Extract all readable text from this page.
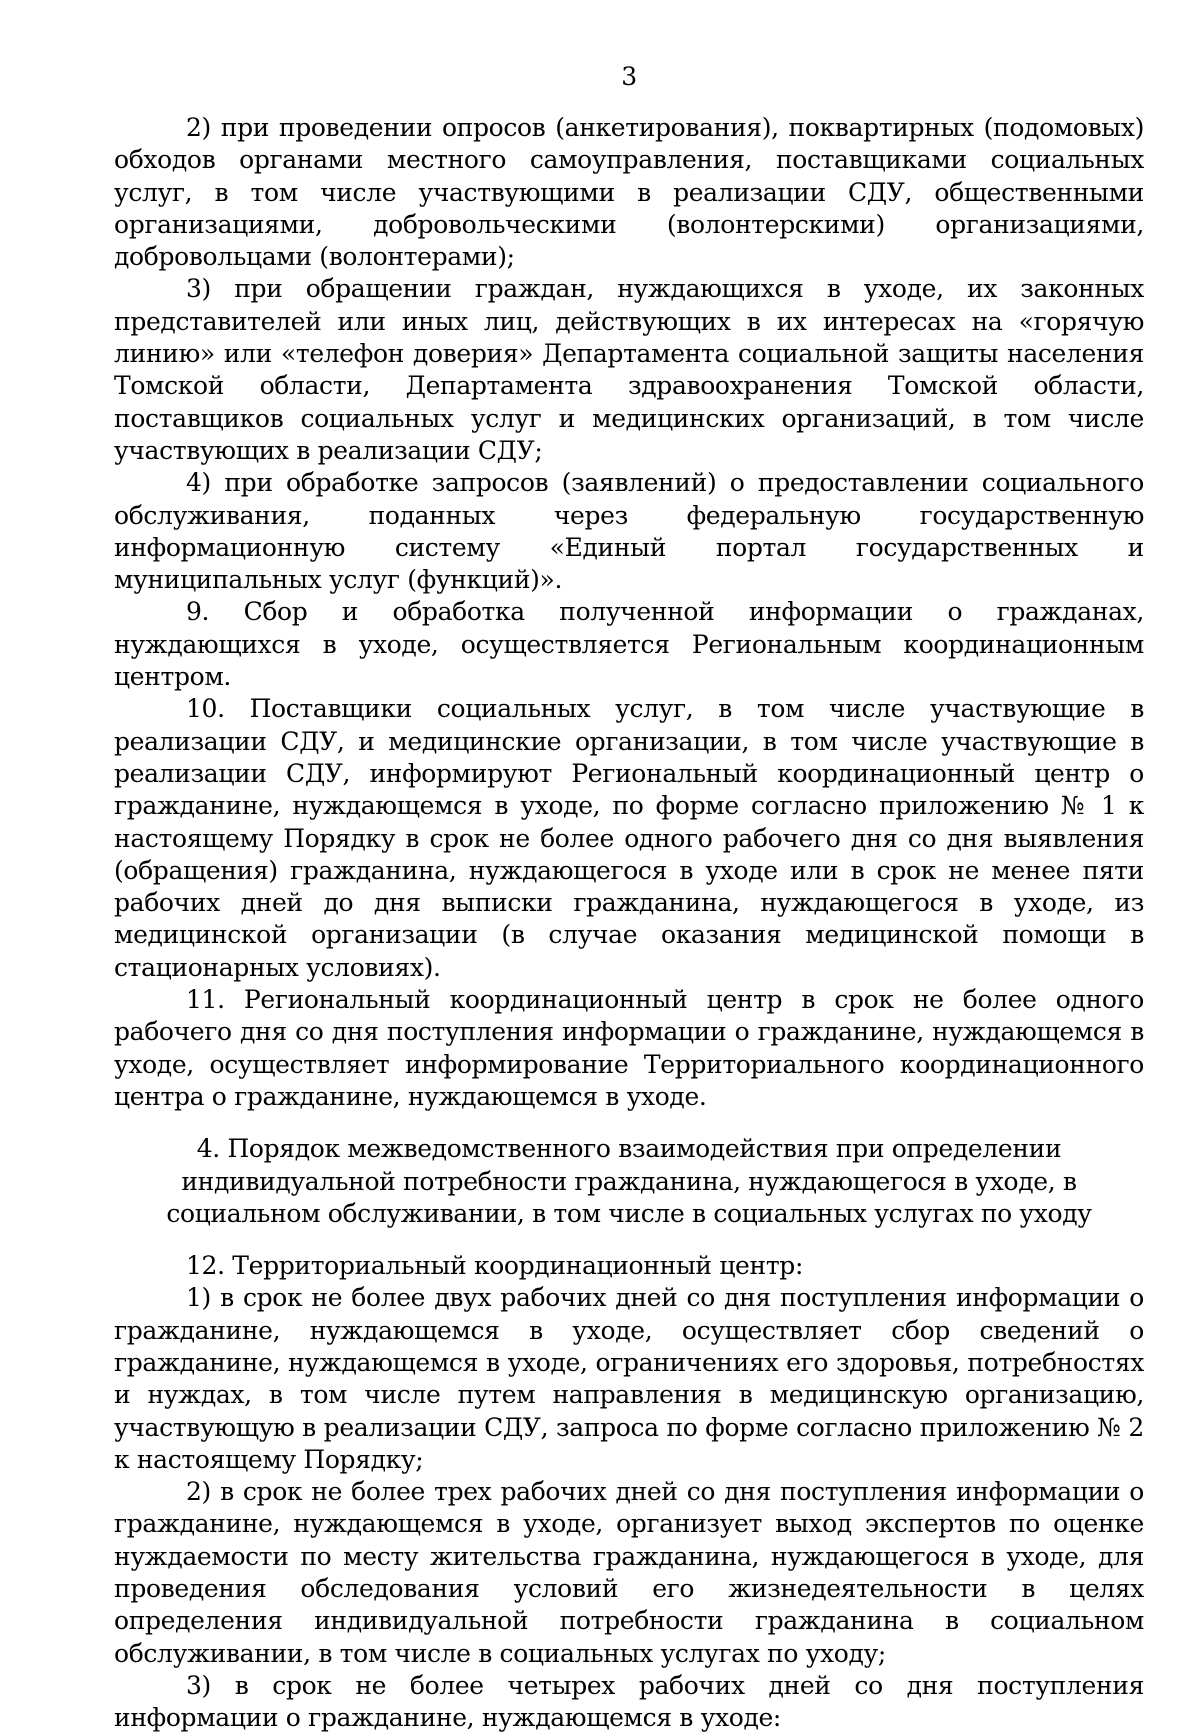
3

2) при проведении опросов (анкетирования), поквартирных (подомовых) обходов органами местного самоуправления, поставщиками социальных услуг, в том числе участвующими в реализации СДУ, общественными организациями, добровольческими (волонтерскими) организациями, добровольцами (волонтерами);

3) при обращении граждан, нуждающихся в уходе, их законных представителей или иных лиц, действующих в их интересах на «горячую линию» или «телефон доверия» Департамента социальной защиты населения Томской области, Департамента здравоохранения Томской области, поставщиков социальных услуг и медицинских организаций, в том числе участвующих в реализации СДУ;

4) при обработке запросов (заявлений) о предоставлении социального обслуживания, поданных через федеральную государственную информационную систему «Единый портал государственных и муниципальных услуг (функций)».

9. Сбор и обработка полученной информации о гражданах, нуждающихся в уходе, осуществляется Региональным координационным центром.

10. Поставщики социальных услуг, в том числе участвующие в реализации СДУ, и медицинские организации, в том числе участвующие в реализации СДУ, информируют Региональный координационный центр о гражданине, нуждающемся в уходе, по форме согласно приложению № 1 к настоящему Порядку в срок не более одного рабочего дня со дня выявления (обращения) гражданина, нуждающегося в уходе или в срок не менее пяти рабочих дней до дня выписки гражданина, нуждающегося в уходе, из медицинской организации (в случае оказания медицинской помощи в стационарных условиях).

11. Региональный координационный центр в срок не более одного рабочего дня со дня поступления информации о гражданине, нуждающемся в уходе, осуществляет информирование Территориального координационного центра о гражданине, нуждающемся в уходе.

4. Порядок межведомственного взаимодействия при определении индивидуальной потребности гражданина, нуждающегося в уходе, в социальном обслуживании, в том числе в социальных услугах по уходу

12. Территориальный координационный центр:

1) в срок не более двух рабочих дней со дня поступления информации о гражданине, нуждающемся в уходе, осуществляет сбор сведений о гражданине, нуждающемся в уходе, ограничениях его здоровья, потребностях и нуждах, в том числе путем направления в медицинскую организацию, участвующую в реализации СДУ, запроса по форме согласно приложению № 2 к настоящему Порядку;

2) в срок не более трех рабочих дней со дня поступления информации о гражданине, нуждающемся в уходе, организует выход экспертов по оценке нуждаемости по месту жительства гражданина, нуждающегося в уходе, для проведения обследования условий его жизнедеятельности в целях определения индивидуальной потребности гражданина в социальном обслуживании, в том числе в социальных услугах по уходу;

3) в срок не более четырех рабочих дней со дня поступления информации о гражданине, нуждающемся в уходе:
